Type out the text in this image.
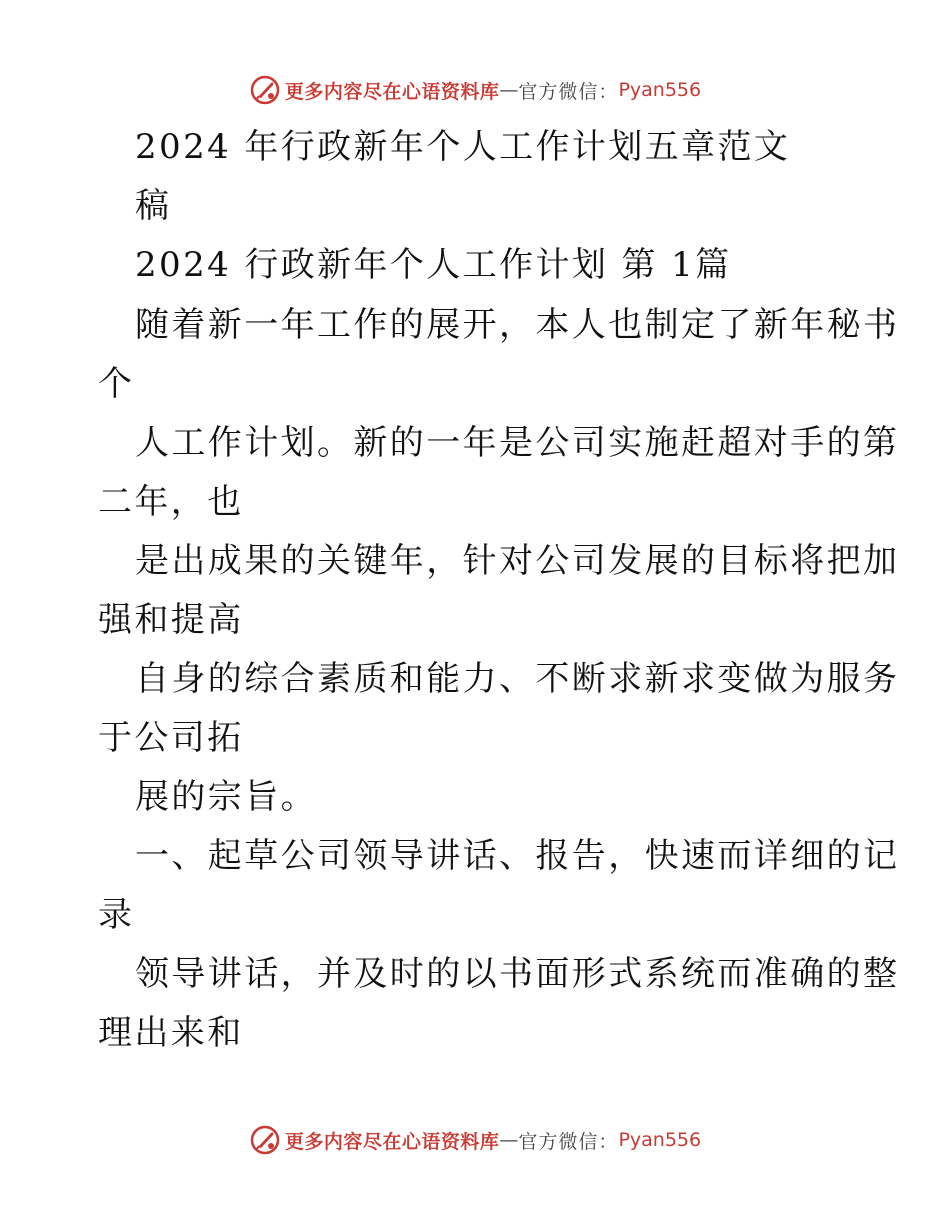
更多内容尽在心语资料库 — 官方微信： Pyan556
2024 年行政新年个人工作计划五章范文
稿
2024 行政新年个人工作计划 第 1篇
随着新一年工作的展开，本人也制定了新年秘书
个
人工作计划。新的一年是公司实施赶超对手的第
二年，也
是出成果的关键年，针对公司发展的目标将把加
强和提高
自身的综合素质和能力、不断求新求变做为服务
于公司拓
展的宗旨。
一、起草公司领导讲话、报告，快速而详细的记
录
领导讲话，并及时的以书面形式系统而准确的整
理出来和
更多内容尽在心语资料库 — 官方微信： Pyan556
